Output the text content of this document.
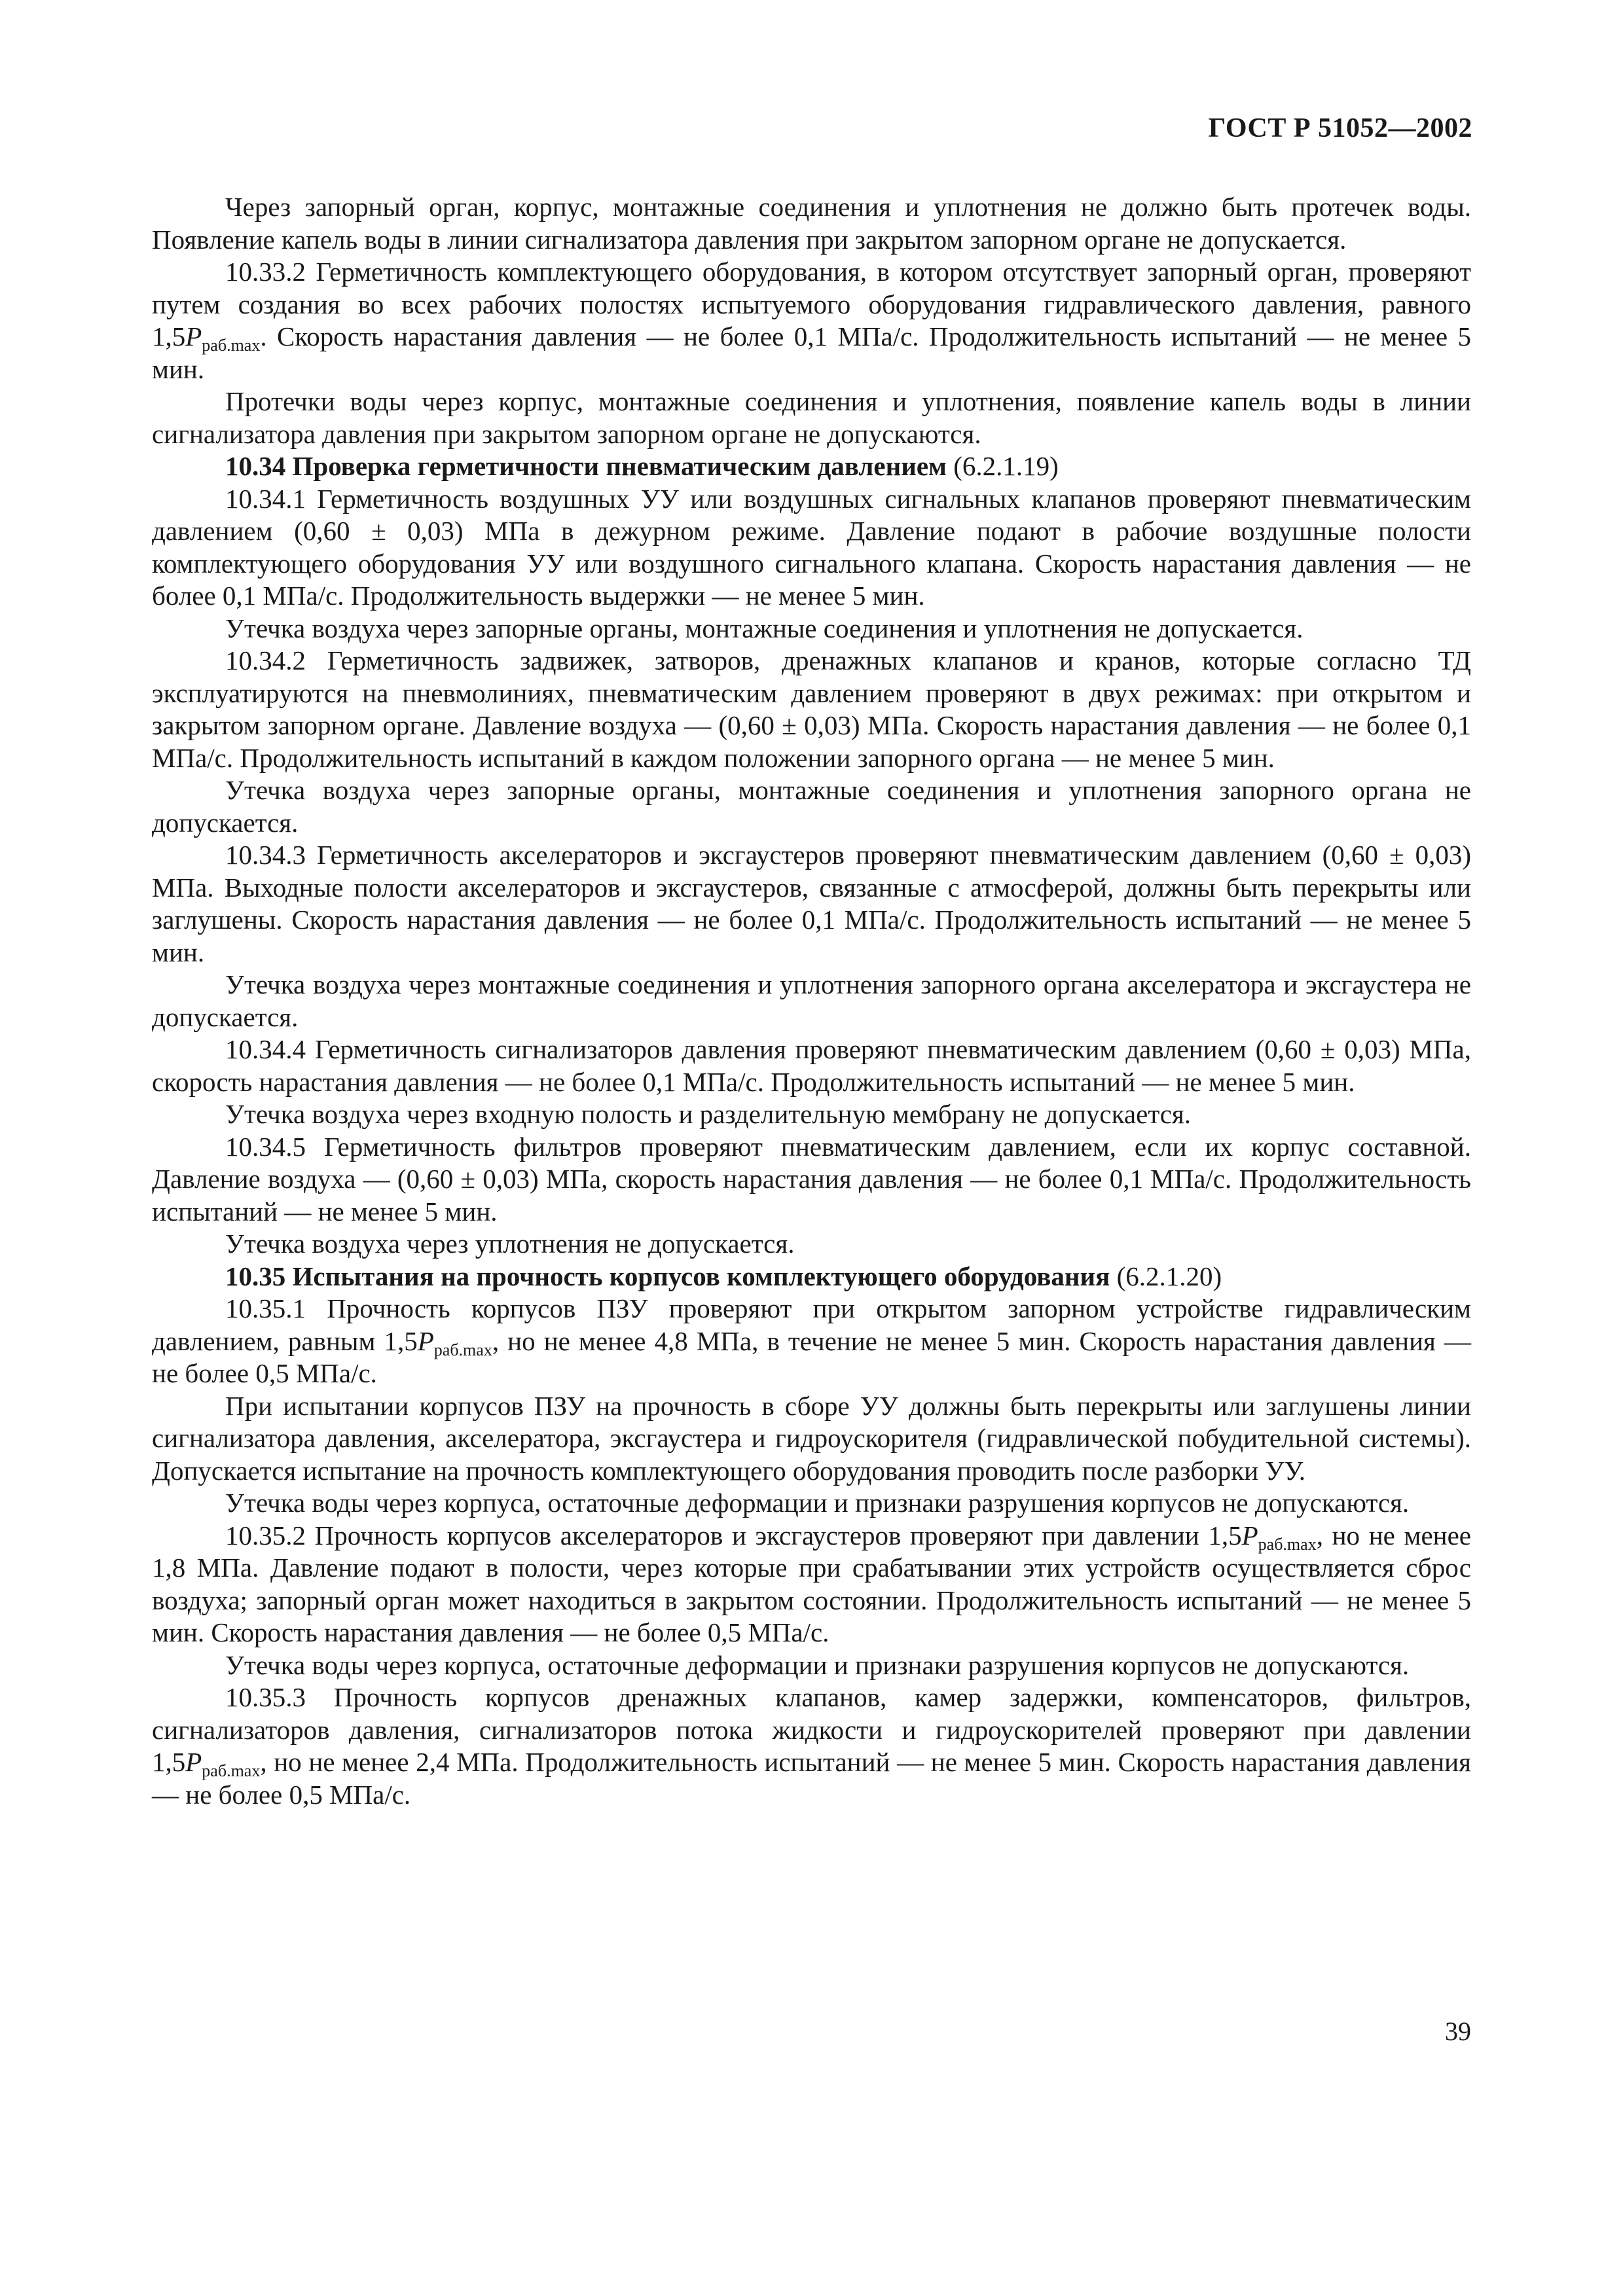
ГОСТ Р 51052—2002

Через запорный орган, корпус, монтажные соединения и уплотнения не должно быть протечек воды. Появление капель воды в линии сигнализатора давления при закрытом запорном органе не допускается.

10.33.2 Герметичность комплектующего оборудования, в котором отсутствует запорный орган, проверяют путем создания во всех рабочих полостях испытуемого оборудования гидравлического давления, равного $1,5P_{раб.max}$. Скорость нарастания давления — не более 0,1 МПа/с. Продолжительность испытаний — не менее 5 мин.

Протечки воды через корпус, монтажные соединения и уплотнения, появление капель воды в линии сигнализатора давления при закрытом запорном органе не допускаются.

10.34 Проверка герметичности пневматическим давлением (6.2.1.19)

10.34.1 Герметичность воздушных УУ или воздушных сигнальных клапанов проверяют пневматическим давлением (0,60 ± 0,03) МПа в дежурном режиме. Давление подают в рабочие воздушные полости комплектующего оборудования УУ или воздушного сигнального клапана. Скорость нарастания давления — не более 0,1 МПа/с. Продолжительность выдержки — не менее 5 мин.

Утечка воздуха через запорные органы, монтажные соединения и уплотнения не допускается.

10.34.2 Герметичность задвижек, затворов, дренажных клапанов и кранов, которые согласно ТД эксплуатируются на пневмолиниях, пневматическим давлением проверяют в двух режимах: при открытом и закрытом запорном органе. Давление воздуха — (0,60 ± 0,03) МПа. Скорость нарастания давления — не более 0,1 МПа/с. Продолжительность испытаний в каждом положении запорного органа — не менее 5 мин.

Утечка воздуха через запорные органы, монтажные соединения и уплотнения запорного органа не допускается.

10.34.3 Герметичность акселераторов и эксгаустеров проверяют пневматическим давлением (0,60 ± 0,03) МПа. Выходные полости акселераторов и эксгаустеров, связанные с атмосферой, должны быть перекрыты или заглушены. Скорость нарастания давления — не более 0,1 МПа/с. Продолжительность испытаний — не менее 5 мин.

Утечка воздуха через монтажные соединения и уплотнения запорного органа акселератора и эксгаустера не допускается.

10.34.4 Герметичность сигнализаторов давления проверяют пневматическим давлением (0,60 ± 0,03) МПа, скорость нарастания давления — не более 0,1 МПа/с. Продолжительность испытаний — не менее 5 мин.

Утечка воздуха через входную полость и разделительную мембрану не допускается.

10.34.5 Герметичность фильтров проверяют пневматическим давлением, если их корпус составной. Давление воздуха — (0,60 ± 0,03) МПа, скорость нарастания давления — не более 0,1 МПа/с. Продолжительность испытаний — не менее 5 мин.

Утечка воздуха через уплотнения не допускается.

10.35 Испытания на прочность корпусов комплектующего оборудования (6.2.1.20)

10.35.1 Прочность корпусов ПЗУ проверяют при открытом запорном устройстве гидравлическим давлением, равным $1,5P_{раб.max}$, но не менее 4,8 МПа, в течение не менее 5 мин. Скорость нарастания давления — не более 0,5 МПа/с.

При испытании корпусов ПЗУ на прочность в сборе УУ должны быть перекрыты или заглушены линии сигнализатора давления, акселератора, эксгаустера и гидроускорителя (гидравлической побудительной системы). Допускается испытание на прочность комплектующего оборудования проводить после разборки УУ.

Утечка воды через корпуса, остаточные деформации и признаки разрушения корпусов не допускаются.

10.35.2 Прочность корпусов акселераторов и эксгаустеров проверяют при давлении $1,5P_{раб.max}$, но не менее 1,8 МПа. Давление подают в полости, через которые при срабатывании этих устройств осуществляется сброс воздуха; запорный орган может находиться в закрытом состоянии. Продолжительность испытаний — не менее 5 мин. Скорость нарастания давления — не более 0,5 МПа/с.

Утечка воды через корпуса, остаточные деформации и признаки разрушения корпусов не допускаются.

10.35.3 Прочность корпусов дренажных клапанов, камер задержки, компенсаторов, фильтров, сигнализаторов давления, сигнализаторов потока жидкости и гидроускорителей проверяют при давлении $1,5P_{раб.max}$, но не менее 2,4 МПа. Продолжительность испытаний — не менее 5 мин. Скорость нарастания давления — не более 0,5 МПа/с.

39
